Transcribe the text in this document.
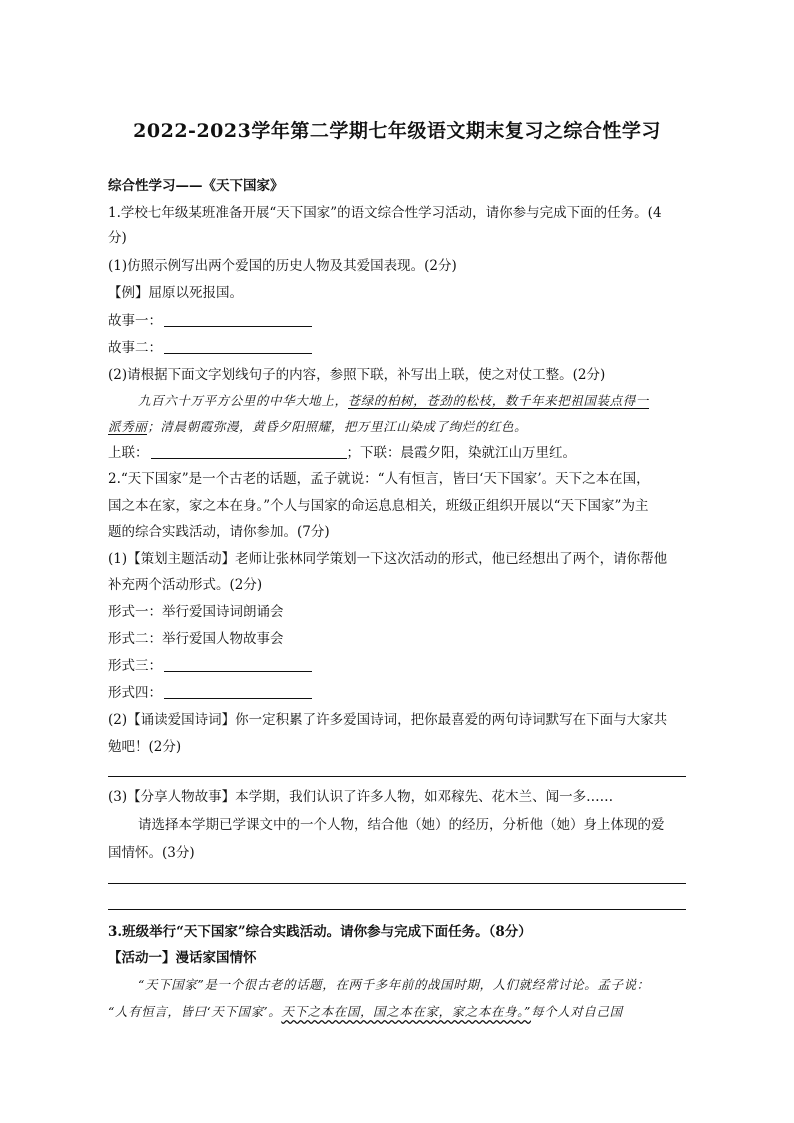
2022-2023学年第二学期七年级语文期末复习之综合性学习
综合性学习——《天下国家》
1.学校七年级某班准备开展“天下国家”的语文综合性学习活动，请你参与完成下面的任务。(4
分)
(1)仿照示例写出两个爱国的历史人物及其爱国表现。(2分)
【例】屈原以死报国。
故事一：
故事二：
(2)请根据下面文字划线句子的内容，参照下联，补写出上联，使之对仗工整。(2分)
九百六十万平方公里的中华大地上，苍绿的柏树，苍劲的松枝，数千年来把祖国装点得一
派秀丽；清晨朝霞弥漫，黄昏夕阳照耀，把万里江山染成了绚烂的红色。
上联：	；下联：晨霞夕阳，染就江山万里红。
2.“天下国家”是一个古老的话题，孟子就说：“人有恒言，皆曰‘天下国家’。天下之本在国，
国之本在家，家之本在身。”个人与国家的命运息息相关，班级正组织开展以“天下国家”为主
题的综合实践活动，请你参加。(7分)
(1)【策划主题活动】老师让张林同学策划一下这次活动的形式，他已经想出了两个，请你帮他
补充两个活动形式。(2分)
形式一：举行爱国诗词朗诵会
形式二：举行爱国人物故事会
形式三：
形式四：
(2)【诵读爱国诗词】你一定积累了许多爱国诗词，把你最喜爱的两句诗词默写在下面与大家共
勉吧！(2分)
(3)【分享人物故事】本学期，我们认识了许多人物，如邓稼先、花木兰、闻一多……
请选择本学期已学课文中的一个人物，结合他（她）的经历，分析他（她）身上体现的爱
国情怀。(3分)
3.班级举行“天下国家”综合实践活动。请你参与完成下面任务。（8分）
【活动一】漫话家国情怀
“天下国家”是一个很古老的话题，在两千多年前的战国时期，人们就经常讨论。孟子说：
“人有恒言，皆曰‘天下国家’。天下之本在国，国之本在家，家之本在身。”每个人对自己国
